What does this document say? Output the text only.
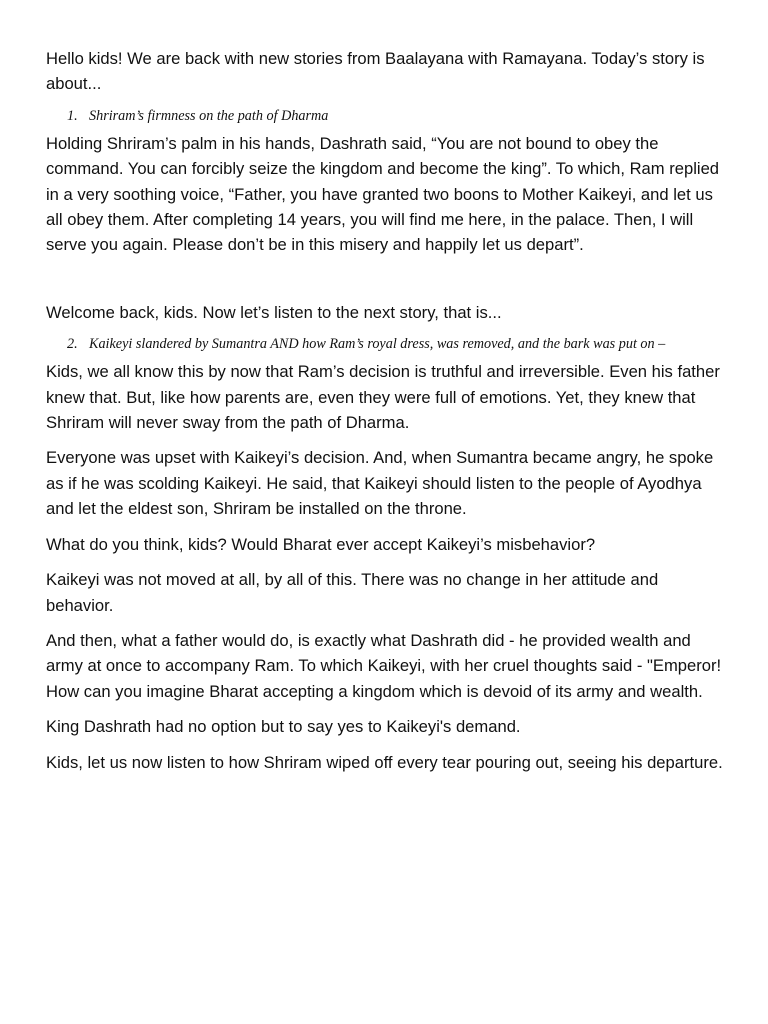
Hello kids! We are back with new stories from Baalayana with Ramayana. Today’s story is about...

1. Shriram’s firmness on the path of Dharma

Holding Shriram’s palm in his hands, Dashrath said, “You are not bound to obey the command. You can forcibly seize the kingdom and become the king”. To which, Ram replied in a very soothing voice, “Father, you have granted two boons to Mother Kaikeyi, and let us all obey them. After completing 14 years, you will find me here, in the palace. Then, I will serve you again. Please don’t be in this misery and happily let us depart”.

Welcome back, kids. Now let’s listen to the next story, that is...

2. Kaikeyi slandered by Sumantra AND how Ram’s royal dress, was removed, and the bark was put on –

Kids, we all know this by now that Ram’s decision is truthful and irreversible. Even his father knew that. But, like how parents are, even they were full of emotions. Yet, they knew that Shriram will never sway from the path of Dharma.

Everyone was upset with Kaikeyi’s decision. And, when Sumantra became angry, he spoke as if he was scolding Kaikeyi. He said, that Kaikeyi should listen to the people of Ayodhya and let the eldest son, Shriram be installed on the throne.

What do you think, kids? Would Bharat ever accept Kaikeyi’s misbehavior?

Kaikeyi was not moved at all, by all of this. There was no change in her attitude and behavior.

And then, what a father would do, is exactly what Dashrath did - he provided wealth and army at once to accompany Ram. To which Kaikeyi, with her cruel thoughts said - "Emperor! How can you imagine Bharat accepting a kingdom which is devoid of its army and wealth.

King Dashrath had no option but to say yes to Kaikeyi's demand.

Kids, let us now listen to how Shriram wiped off every tear pouring out, seeing his departure.
